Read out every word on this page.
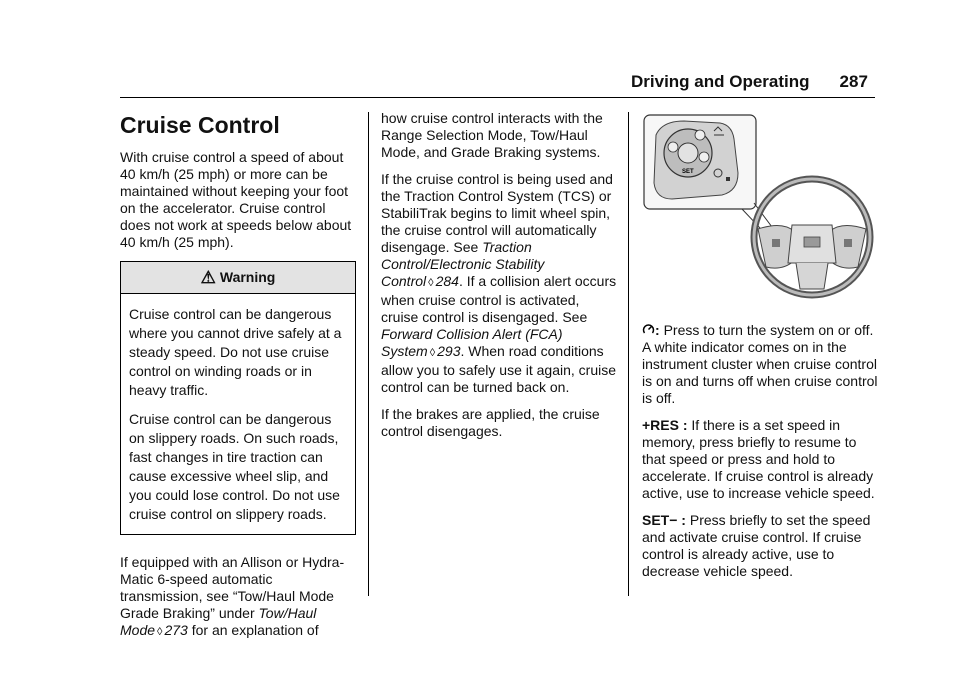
Driving and Operating 287
Cruise Control

With cruise control a speed of about 40 km/h (25 mph) or more can be maintained without keeping your foot on the accelerator. Cruise control does not work at speeds below about 40 km/h (25 mph).

⚠ Warning

Cruise control can be dangerous where you cannot drive safely at a steady speed. Do not use cruise control on winding roads or in heavy traffic.

Cruise control can be dangerous on slippery roads. On such roads, fast changes in tire traction can cause excessive wheel slip, and you could lose control. Do not use cruise control on slippery roads.

If equipped with an Allison or Hydra-Matic 6-speed automatic transmission, see “Tow/Haul Mode Grade Braking” under Tow/Haul Mode ◊ 273 for an explanation of

how cruise control interacts with the Range Selection Mode, Tow/Haul Mode, and Grade Braking systems.

If the cruise control is being used and the Traction Control System (TCS) or StabiliTrak begins to limit wheel spin, the cruise control will automatically disengage. See Traction Control/Electronic Stability Control ◊ 284. If a collision alert occurs when cruise control is activated, cruise control is disengaged. See Forward Collision Alert (FCA) System ◊ 293. When road conditions allow you to safely use it again, cruise control can be turned back on.

If the brakes are applied, the cruise control disengages.

SET

: Press to turn the system on or off. A white indicator comes on in the instrument cluster when cruise control is on and turns off when cruise control is off.

+RES : If there is a set speed in memory, press briefly to resume to that speed or press and hold to accelerate. If cruise control is already active, use to increase vehicle speed.

SET− : Press briefly to set the speed and activate cruise control. If cruise control is already active, use to decrease vehicle speed.
